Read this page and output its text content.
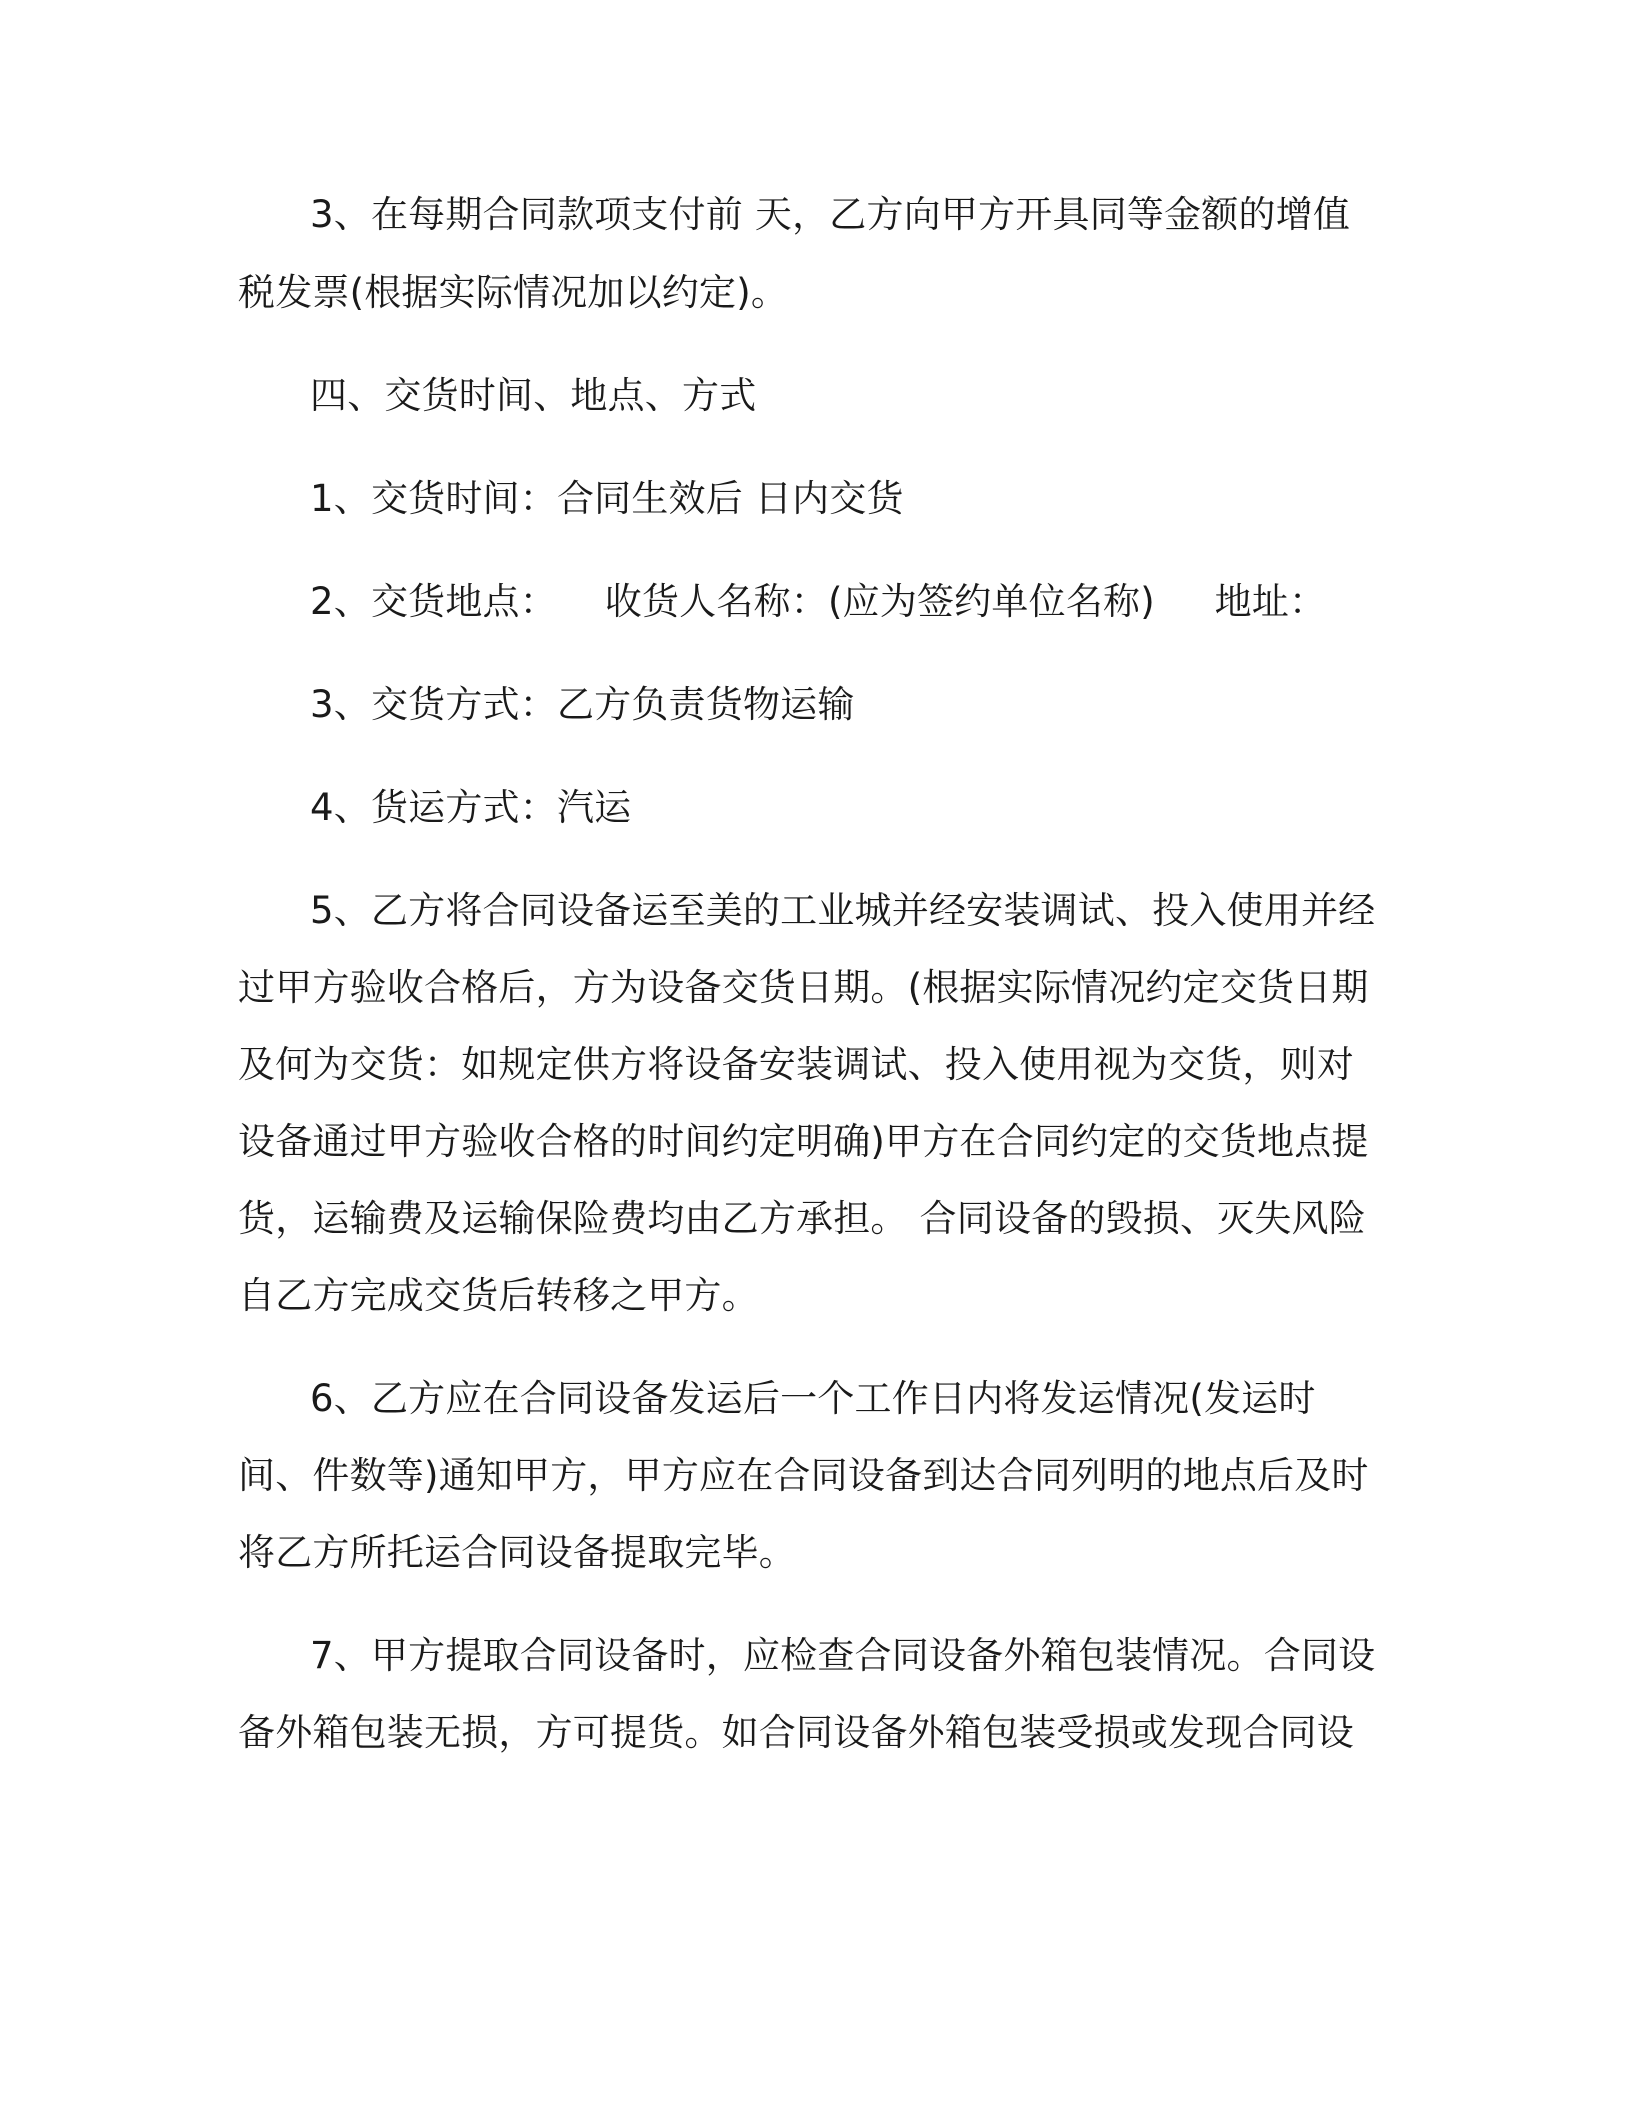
3、在每期合同款项支付前 天，乙方向甲方开具同等金额的增值
税发票(根据实际情况加以约定)。
四、交货时间、地点、方式
1、交货时间：合同生效后 日内交货
2、交货地点：    收货人名称：(应为签约单位名称)     地址：
3、交货方式：乙方负责货物运输
4、货运方式：汽运
5、乙方将合同设备运至美的工业城并经安装调试、投入使用并经
过甲方验收合格后，方为设备交货日期。(根据实际情况约定交货日期
及何为交货：如规定供方将设备安装调试、投入使用视为交货，则对
设备通过甲方验收合格的时间约定明确)甲方在合同约定的交货地点提
货，运输费及运输保险费均由乙方承担。 合同设备的毁损、灭失风险
自乙方完成交货后转移之甲方。
6、乙方应在合同设备发运后一个工作日内将发运情况(发运时
间、件数等)通知甲方，甲方应在合同设备到达合同列明的地点后及时
将乙方所托运合同设备提取完毕。
7、甲方提取合同设备时，应检查合同设备外箱包装情况。合同设
备外箱包装无损，方可提货。如合同设备外箱包装受损或发现合同设
